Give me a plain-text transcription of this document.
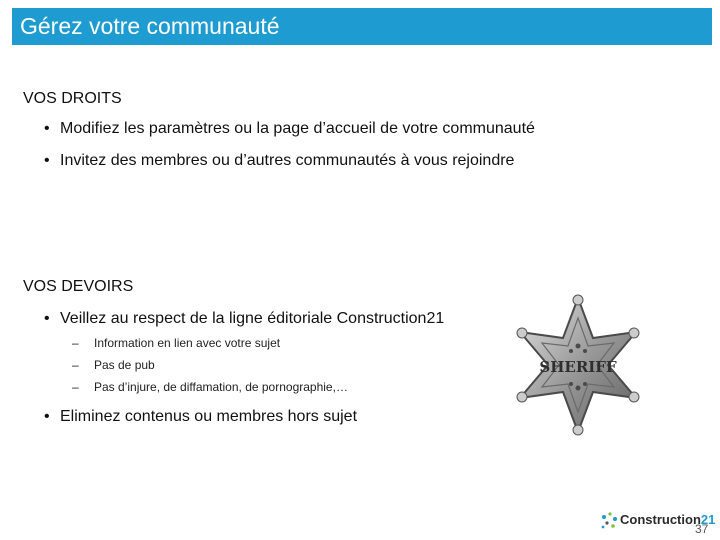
Gérez votre communauté
VOS DROITS
• Modifiez les paramètres ou la page d’accueil de votre communauté
• Invitez des membres ou d’autres communautés à vous rejoindre
VOS DEVOIRS
• Veillez au respect de la ligne éditoriale Construction21
– Information en lien avec votre sujet
– Pas de pub
– Pas d’injure, de diffamation, de pornographie,…
• Eliminez contenus ou membres hors sujet
SHERIFF
Construction21
37
